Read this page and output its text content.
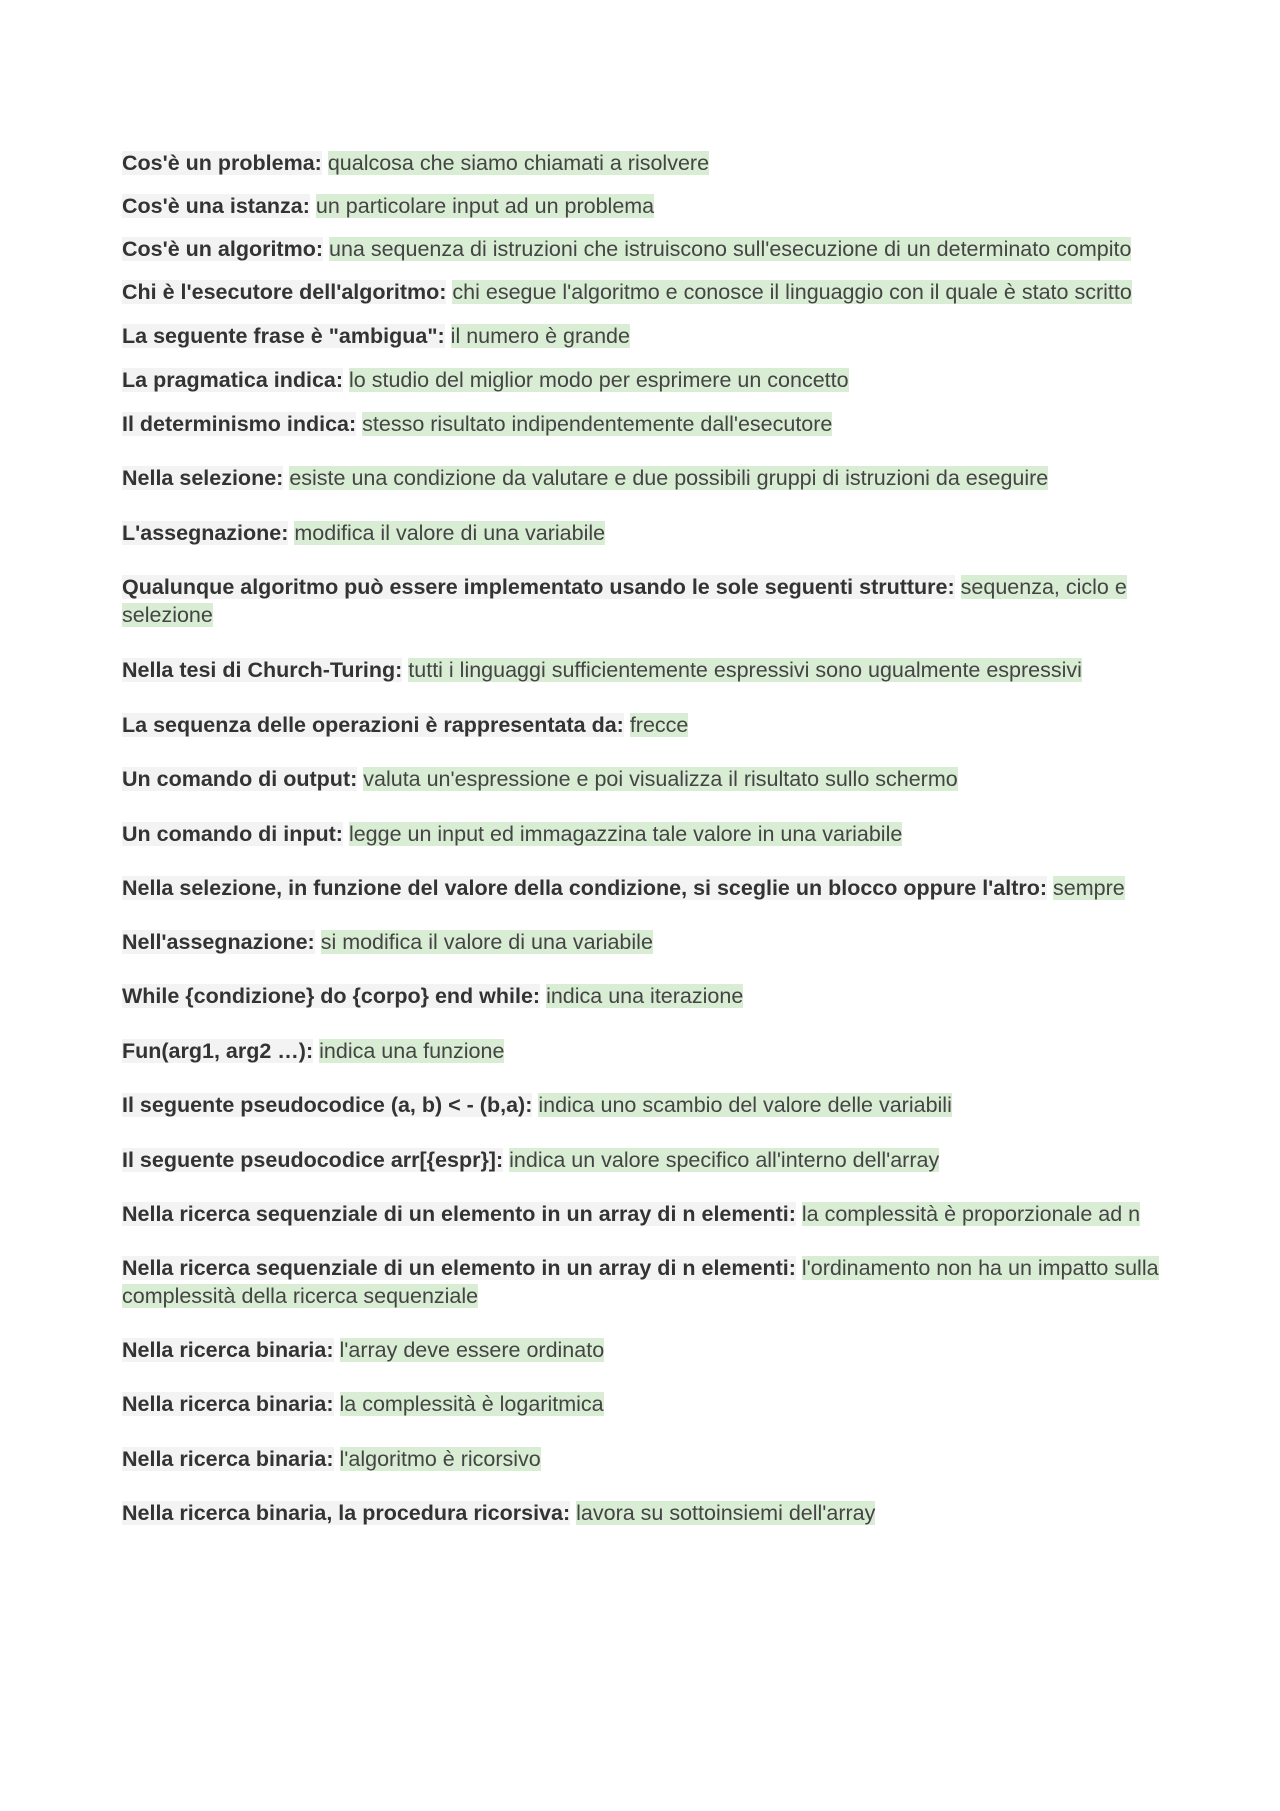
Cos'è un problema: qualcosa che siamo chiamati a risolvere

Cos'è una istanza: un particolare input ad un problema

Cos'è un algoritmo: una sequenza di istruzioni che istruiscono sull'esecuzione di un determinato compito

Chi è l'esecutore dell'algoritmo: chi esegue l'algoritmo e conosce il linguaggio con il quale è stato scritto

La seguente frase è "ambigua": il numero è grande

La pragmatica indica: lo studio del miglior modo per esprimere un concetto

Il determinismo indica: stesso risultato indipendentemente dall'esecutore

Nella selezione: esiste una condizione da valutare e due possibili gruppi di istruzioni da eseguire

L'assegnazione: modifica il valore di una variabile

Qualunque algoritmo può essere implementato usando le sole seguenti strutture: sequenza, ciclo e selezione

Nella tesi di Church-Turing: tutti i linguaggi sufficientemente espressivi sono ugualmente espressivi

La sequenza delle operazioni è rappresentata da: frecce

Un comando di output: valuta un'espressione e poi visualizza il risultato sullo schermo

Un comando di input: legge un input ed immagazzina tale valore in una variabile

Nella selezione, in funzione del valore della condizione, si sceglie un blocco oppure l'altro: sempre

Nell'assegnazione: si modifica il valore di una variabile

While {condizione} do {corpo} end while: indica una iterazione

Fun(arg1, arg2 …): indica una funzione

Il seguente pseudocodice (a, b) < - (b,a): indica uno scambio del valore delle variabili

Il seguente pseudocodice arr[{espr}]: indica un valore specifico all'interno dell'array

Nella ricerca sequenziale di un elemento in un array di n elementi: la complessità è proporzionale ad n

Nella ricerca sequenziale di un elemento in un array di n elementi: l'ordinamento non ha un impatto sulla complessità della ricerca sequenziale

Nella ricerca binaria: l'array deve essere ordinato

Nella ricerca binaria: la complessità è logaritmica

Nella ricerca binaria: l'algoritmo è ricorsivo

Nella ricerca binaria, la procedura ricorsiva: lavora su sottoinsiemi dell'array
